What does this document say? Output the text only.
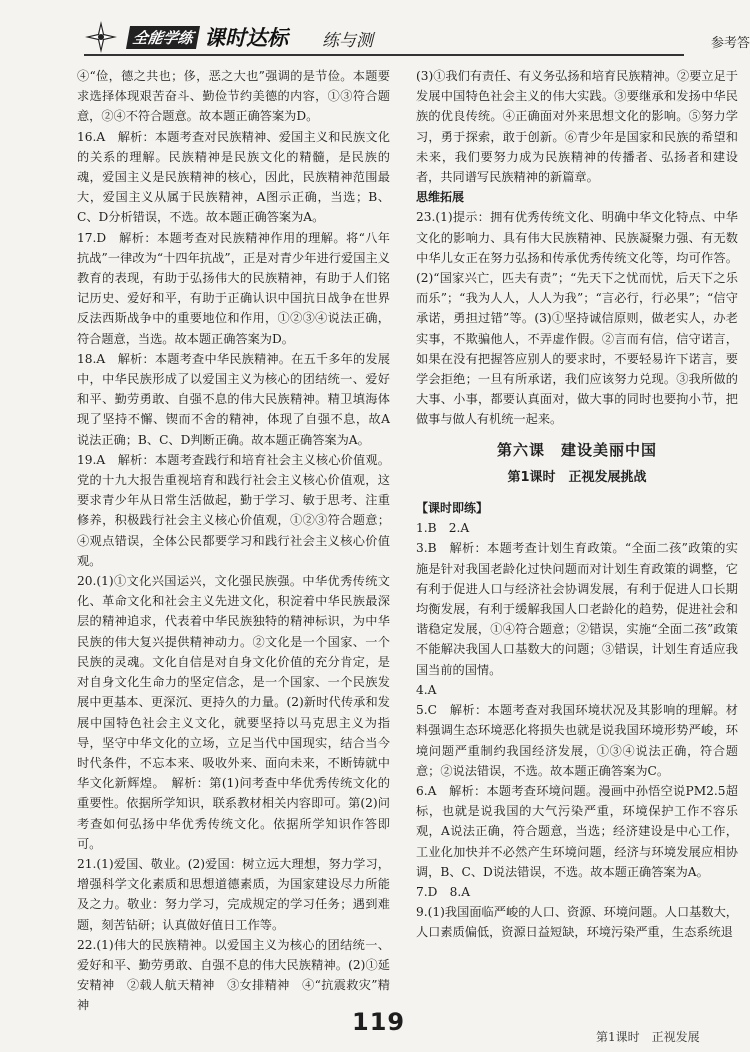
全能学练 课时达标 练与测	参考答

④“俭，德之共也；侈，恶之大也”强调的是节俭。本题要求选择体现艰苦奋斗、勤俭节约美德的内容，①③符合题意，②④不符合题意。故本题正确答案为D。

16.A　解析：本题考查对民族精神、爱国主义和民族文化的关系的理解。民族精神是民族文化的精髓，是民族的魂，爱国主义是民族精神的核心，因此，民族精神范围最大，爱国主义从属于民族精神，A图示正确，当选；B、C、D分析错误，不选。故本题正确答案为A。

17.D　解析：本题考查对民族精神作用的理解。将“八年抗战”一律改为“十四年抗战”，正是对青少年进行爱国主义教育的表现，有助于弘扬伟大的民族精神，有助于人们铭记历史、爱好和平，有助于正确认识中国抗日战争在世界反法西斯战争中的重要地位和作用，①②③④说法正确，符合题意，当选。故本题正确答案为D。

18.A　解析：本题考查中华民族精神。在五千多年的发展中，中华民族形成了以爱国主义为核心的团结统一、爱好和平、勤劳勇敢、自强不息的伟大民族精神。精卫填海体现了坚持不懈、锲而不舍的精神，体现了自强不息，故A说法正确；B、C、D判断正确。故本题正确答案为A。

19.A　解析：本题考查践行和培育社会主义核心价值观。党的十九大报告重视培育和践行社会主义核心价值观，这要求青少年从日常生活做起，勤于学习、敏于思考、注重修养，积极践行社会主义核心价值观，①②③符合题意；④观点错误，全体公民都要学习和践行社会主义核心价值观。

20.(1)①文化兴国运兴，文化强民族强。中华优秀传统文化、革命文化和社会主义先进文化，积淀着中华民族最深层的精神追求，代表着中华民族独特的精神标识，为中华民族的伟大复兴提供精神动力。②文化是一个国家、一个民族的灵魂。文化自信是对自身文化价值的充分肯定，是对自身文化生命力的坚定信念，是一个国家、一个民族发展中更基本、更深沉、更持久的力量。(2)新时代传承和发展中国特色社会主义文化，就要坚持以马克思主义为指导，坚守中华文化的立场，立足当代中国现实，结合当今时代条件，不忘本来、吸收外来、面向未来，不断铸就中华文化新辉煌。　解析：第(1)问考查中华优秀传统文化的重要性。依据所学知识，联系教材相关内容即可。第(2)问考查如何弘扬中华优秀传统文化。依据所学知识作答即可。

21.(1)爱国、敬业。(2)爱国：树立远大理想，努力学习，增强科学文化素质和思想道德素质，为国家建设尽力所能及之力。敬业：努力学习，完成规定的学习任务；遇到难题，刻苦钻研；认真做好值日工作等。

22.(1)伟大的民族精神。以爱国主义为核心的团结统一、爱好和平、勤劳勇敢、自强不息的伟大民族精神。(2)①延安精神　②载人航天精神　③女排精神　④“抗震救灾”精神

(3)①我们有责任、有义务弘扬和培育民族精神。②要立足于发展中国特色社会主义的伟大实践。③要继承和发扬中华民族的优良传统。④正确面对外来思想文化的影响。⑤努力学习，勇于探索，敢于创新。⑥青少年是国家和民族的希望和未来，我们要努力成为民族精神的传播者、弘扬者和建设者，共同谱写民族精神的新篇章。

思维拓展

23.(1)提示：拥有优秀传统文化、明确中华文化特点、中华文化的影响力、具有伟大民族精神、民族凝聚力强、有无数中华儿女正在努力弘扬和传承优秀传统文化等，均可作答。(2)“国家兴亡，匹夫有责”；“先天下之忧而忧，后天下之乐而乐”；“我为人人，人人为我”；“言必行，行必果”；“信守承诺，勇担过错”等。(3)①坚持诚信原则，做老实人，办老实事，不欺骗他人，不弄虚作假。②言而有信，信守诺言，如果在没有把握答应别人的要求时，不要轻易许下诺言，要学会拒绝；一旦有所承诺，我们应该努力兑现。③我所做的大事、小事，都要认真面对，做大事的同时也要拘小节，把做事与做人有机统一起来。

第六课　建设美丽中国
第1课时　正视发展挑战

【课时即练】

1.B　2.A

3.B　解析：本题考查计划生育政策。“全面二孩”政策的实施是针对我国老龄化过快问题而对计划生育政策的调整，它有利于促进人口与经济社会协调发展，有利于促进人口长期均衡发展，有利于缓解我国人口老龄化的趋势，促进社会和谐稳定发展，①④符合题意；②错误，实施“全面二孩”政策不能解决我国人口基数大的问题；③错误，计划生育适应我国当前的国情。

4.A

5.C　解析：本题考查对我国环境状况及其影响的理解。材料强调生态环境恶化将损失也就是说我国环境形势严峻，环境问题严重制约我国经济发展，①③④说法正确，符合题意；②说法错误，不选。故本题正确答案为C。

6.A　解析：本题考查环境问题。漫画中孙悟空说PM2.5超标，也就是说我国的大气污染严重，环境保护工作不容乐观，A说法正确，符合题意，当选；经济建设是中心工作，工业化加快并不必然产生环境问题，经济与环境发展应相协调，B、C、D说法错误，不选。故本题正确答案为A。

7.D　8.A

9.(1)我国面临严峻的人口、资源、环境问题。人口基数大，人口素质偏低，资源日益短缺，环境污染严重，生态系统退

119
第1课时　正视发展
